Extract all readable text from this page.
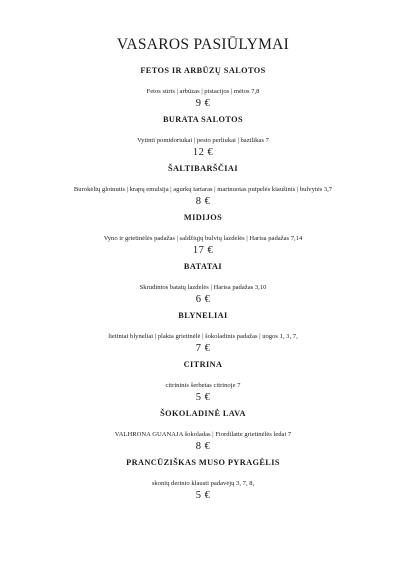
VASAROS PASIŪLYMAI
FETOS IR ARBŪZŲ SALOTOS
Fetos sūris | arbūzas | pistacijos | mėtos 7,8
9 €
BURATA SALOTOS
Vytinti pomidoriukai | pesto perliukai | bazilikas 7
12 €
ŠALTIBARŠČIAI
Burokėlių glotnutis | krapų emulsija | agurkų tartaras | marinuotas putpelės kiaušinis | bulvytės 3,7
8 €
MIDIJOS
Vyno ir grietinėlės padažas | saldžiųjų bulvių lazdelės | Harisa padažas 7,14
17 €
BATATAI
Skrudintos batatų lazdelės | Harisa padažas 3,10
6 €
BLYNELIAI
lietiniai blyneliai | plakta grietinėlė | šokoladinis padažas | uogos 1, 3, 7,
7 €
CITRINA
citrininis šerbetas citrinoje 7
5 €
ŠOKOLADINĖ LAVA
VALHRONA GUANAJA šokoladas | Fiordilatte grietinėlės ledai 7
8 €
PRANCŪZIŠKAS MUSO PYRAGĖLIS
skonių derinio klausti padavėjų 3, 7, 8,
5 €
